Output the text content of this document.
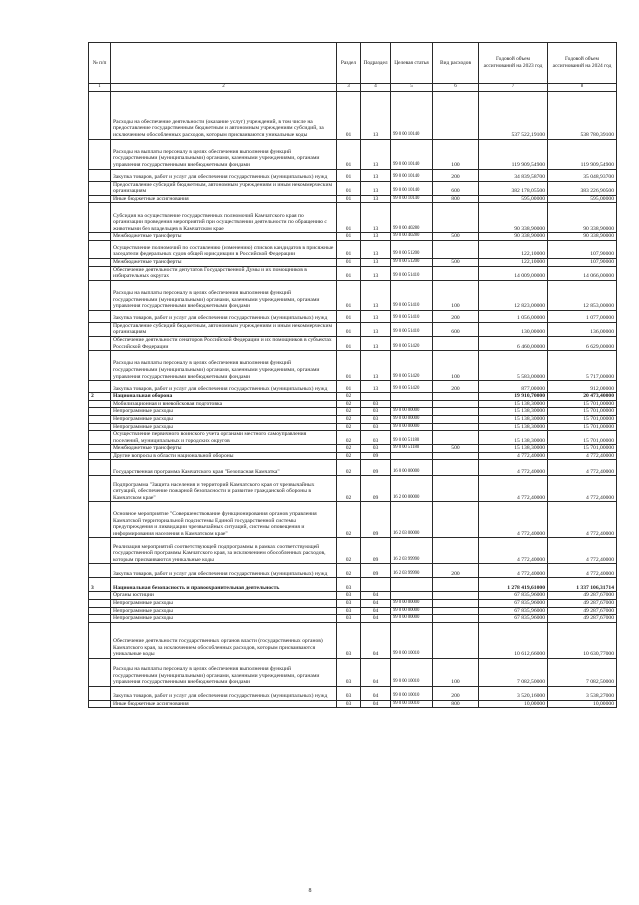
№ п/п		Раздел	Подраздел	Целевая статья	Вид расходов	Годовой объем ассигнований на 2023 год	Годовой объем ассигнований на 2024 год
1	2	3	4	5	6	7	8
	Расходы на обеспечение деятельности (оказание услуг) учреждений, в том числе на предоставление государственным бюджетным и автономным учреждениям субсидий, за исключением обособленных расходов, которым присваиваются уникальные коды	01	13	99 0 00 10140		537 522,19100	538 780,39100
	Расходы на выплаты персоналу в целях обеспечения выполнения функций государственными (муниципальными) органами, казенными учреждениями, органами управления государственными внебюджетными фондами	01	13	99 0 00 10140	100	119 909,54900	119 909,54900
	Закупка товаров, работ и услуг для обеспечения государственных (муниципальных) нужд	01	13	99 0 00 10140	200	34 839,58700	35 048,93700
	Предоставление субсидий бюджетным, автономным учреждениям и иным некоммерческим организациям	01	13	99 0 00 10140	600	382 178,05500	383 226,90500
	Иные бюджетные ассигнования	01	13	99 0 00 10140	800	595,00000	595,00000
	Субсидия на осуществление государственных полномочий Камчатского края по организации проведения мероприятий при осуществлении деятельности по обращению с животными без владельцев в Камчатском крае	01	13	99 0 00 40280		90 338,90000	90 338,90000
	Межбюджетные трансферты	01	13	99 0 00 40280	500	90 338,90000	90 338,90000
	Осуществление полномочий по составлению (изменению) списков кандидатов в присяжные заседатели федеральных судов общей юрисдикции в Российской Федерации	01	13	99 0 00 51200		122,10000	107,90000
	Межбюджетные трансферты	01	13	99 0 00 51200	500	122,10000	107,90000
	Обеспечение деятельности депутатов Государственной Думы и их помощников в избирательных округах	01	13	99 0 00 51410		14 009,00000	14 066,00000
	Расходы на выплаты персоналу в целях обеспечения выполнения функций государственными (муниципальными) органами, казенными учреждениями, органами управления государственными внебюджетными фондами	01	13	99 0 00 51410	100	12 823,00000	12 853,00000
	Закупка товаров, работ и услуг для обеспечения государственных (муниципальных) нужд	01	13	99 0 00 51410	200	1 056,00000	1 077,00000
	Предоставление субсидий бюджетным, автономным учреждениям и иным некоммерческим организациям	01	13	99 0 00 51410	600	130,00000	136,00000
	Обеспечение деятельности сенаторов Российской Федерации и их помощников в субъектах Российской Федерации	01	13	99 0 00 51420		6 460,00000	6 629,00000
	Расходы на выплаты персоналу в целях обеспечения выполнения функций государственными (муниципальными) органами, казенными учреждениями, органами управления государственными внебюджетными фондами	01	13	99 0 00 51420	100	5 583,00000	5 717,00000
	Закупка товаров, работ и услуг для обеспечения государственных (муниципальных) нужд	01	13	99 0 00 51420	200	877,00000	912,00000
2	Национальная оборона	02				19 910,70000	20 473,40000
	Мобилизационная и вневойсковая подготовка	02	03			15 138,30000	15 701,00000
	Непрограммные расходы	02	03	99 0 00 00000		15 138,30000	15 701,00000
	Непрограммные расходы	02	03	99 0 00 00000		15 138,30000	15 701,00000
	Непрограммные расходы	02	03	99 0 00 00000		15 138,30000	15 701,00000
	Осуществление первичного воинского учета органами местного самоуправления поселений, муниципальных и городских округов	02	03	99 0 00 51180		15 138,30000	15 701,00000
	Межбюджетные трансферты	02	03	99 0 00 51180	500	15 138,30000	15 701,00000
	Другие вопросы в области национальной обороны	02	09			4 772,40000	4 772,40000
	Государственная программа Камчатского края "Безопасная Камчатка"	02	09	16 0 00 00000		4 772,40000	4 772,40000
	Подпрограмма "Защита населения и территорий Камчатского края от чрезвычайных ситуаций, обеспечение пожарной безопасности и развитие гражданской обороны в Камчатском крае"	02	09	16 2 00 00000		4 772,40000	4 772,40000
	Основное мероприятие "Совершенствование функционирования органов управления Камчатской территориальной подсистемы Единой государственной системы предупреждения и ликвидации чрезвычайных ситуаций, системы оповещения и информирования населения в Камчатском крае"	02	09	16 2 03 00000		4 772,40000	4 772,40000
	Реализация мероприятий соответствующей подпрограммы в рамках соответствующей государственной программы Камчатского края, за исключением обособленных расходов, которым присваиваются уникальные коды	02	09	16 2 03 99990		4 772,40000	4 772,40000
	Закупка товаров, работ и услуг для обеспечения государственных (муниципальных) нужд	02	09	16 2 03 99990	200	4 772,40000	4 772,40000
3	Национальная безопасность и правоохранительная деятельность	03				1 278 419,61000	1 337 106,31714
	Органы юстиции	03	04			67 835,96000	49 287,67000
	Непрограммные расходы	03	04	99 0 00 00000		67 835,96000	49 287,67000
	Непрограммные расходы	03	04	99 0 00 00000		67 835,96000	49 287,67000
	Непрограммные расходы	03	04	99 0 00 00000		67 835,96000	49 287,67000
	Обеспечение деятельности государственных органов власти (государственных органов) Камчатского края, за исключением обособленных расходов, которым присваиваются уникальные коды	03	04	99 0 00 10010		10 612,66000	10 630,77000
	Расходы на выплаты персоналу в целях обеспечения выполнения функций государственными (муниципальными) органами, казенными учреждениями, органами управления государственными внебюджетными фондами	03	04	99 0 00 10010	100	7 082,50000	7 082,50000
	Закупка товаров, работ и услуг для обеспечения государственных (муниципальных) нужд	03	04	99 0 00 10010	200	3 520,16000	3 538,27000
	Иные бюджетные ассигнования	03	04	99 0 00 10010	800	10,00000	10,00000
8
